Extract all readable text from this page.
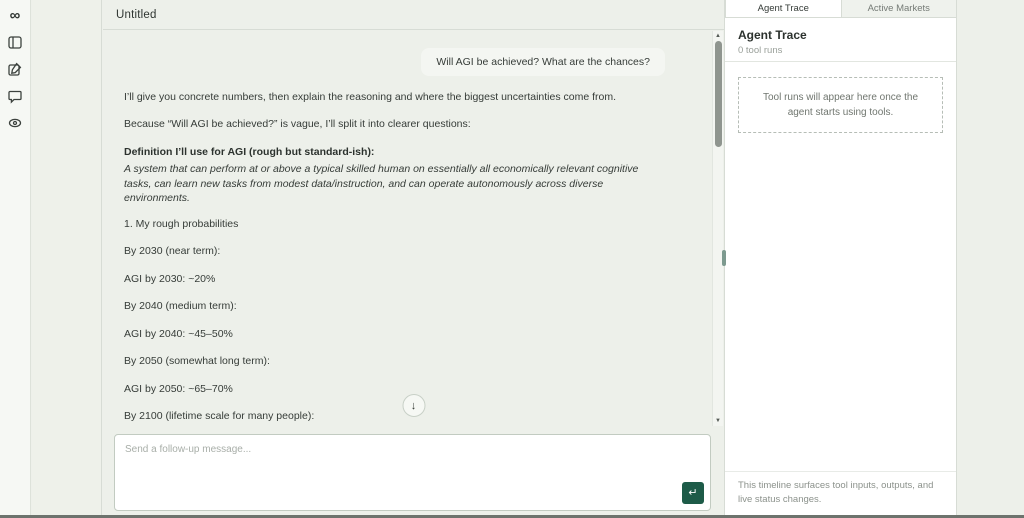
∞	Untitled
Will AGI be achieved? What are the chances?

I’ll give you concrete numbers, then explain the reasoning and where the biggest uncertainties come from.

Because “Will AGI be achieved?” is vague, I’ll split it into clearer questions:

Definition I’ll use for AGI (rough but standard-ish):

A system that can perform at or above a typical skilled human on essentially all economically relevant cognitive tasks, can learn new tasks from modest data/instruction, and can operate autonomously across diverse environments.

1. My rough probabilities

By 2030 (near term):

AGI by 2030: ~20%

By 2040 (medium term):

AGI by 2040: ~45–50%

By 2050 (somewhat long term):

AGI by 2050: ~65–70%

By 2100 (lifetime scale for many people):

↓
▲
▼
Send a follow-up message...
↵
Agent Trace	Active Markets
Agent Trace
0 tool runs
Tool runs will appear here once the agent starts using tools.
This timeline surfaces tool inputs, outputs, and live status changes.
